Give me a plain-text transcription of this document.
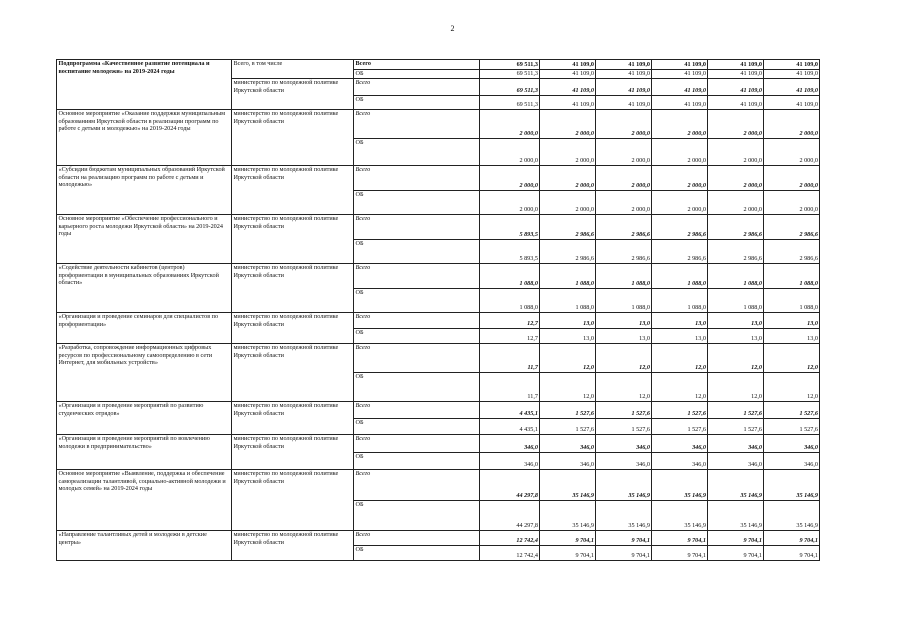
2
Подпрограмма «Качественное развитие потенциала и воспитание молодежи» на 2019-2024 годы	Всего, в том числе	Всего	69 511,3	41 109,0	41 109,0	41 109,0	41 109,0	41 109,0
		ОБ	69 511,3	41 109,0	41 109,0	41 109,0	41 109,0	41 109,0
	министерство по молодежной политике Иркутской области	Всего	69 511,3	41 109,0	41 109,0	41 109,0	41 109,0	41 109,0
		ОБ	69 511,3	41 109,0	41 109,0	41 109,0	41 109,0	41 109,0
Основное мероприятие «Оказание поддержки муниципальным образованиям Иркутской области в реализации программ по работе с детьми и молодежью» на 2019-2024 годы	министерство по молодежной политике Иркутской области	Всего	2 000,0	2 000,0	2 000,0	2 000,0	2 000,0	2 000,0
		ОБ	2 000,0	2 000,0	2 000,0	2 000,0	2 000,0	2 000,0
«Субсидии бюджетам муниципальных образований Иркутской области на реализацию программ по работе с детьми и молодежью»	министерство по молодежной политике Иркутской области	Всего	2 000,0	2 000,0	2 000,0	2 000,0	2 000,0	2 000,0
		ОБ	2 000,0	2 000,0	2 000,0	2 000,0	2 000,0	2 000,0
Основное мероприятие «Обеспечение профессионального и карьерного роста молодежи Иркутской области» на 2019-2024 годы	министерство по молодежной политике Иркутской области	Всего	5 893,5	2 986,6	2 986,6	2 986,6	2 986,6	2 986,6
		ОБ	5 893,5	2 986,6	2 986,6	2 986,6	2 986,6	2 986,6
«Содействие деятельности кабинетов (центров) профориентации в муниципальных образованиях Иркутской области»	министерство по молодежной политике Иркутской области	Всего	1 088,0	1 088,0	1 088,0	1 088,0	1 088,0	1 088,0
		ОБ	1 088,0	1 088,0	1 088,0	1 088,0	1 088,0	1 088,0
«Организация и проведение семинаров для специалистов по профориентации»	министерство по молодежной политике Иркутской области	Всего	12,7	13,0	13,0	13,0	13,0	13,0
		ОБ	12,7	13,0	13,0	13,0	13,0	13,0
«Разработка, сопровождение информационных цифровых ресурсов по профессиональному самоопределению в сети Интернет, для мобильных устройств»	министерство по молодежной политике Иркутской области	Всего	11,7	12,0	12,0	12,0	12,0	12,0
		ОБ	11,7	12,0	12,0	12,0	12,0	12,0
«Организация и проведение мероприятий по развитию студенческих отрядов»	министерство по молодежной политике Иркутской области	Всего	4 435,1	1 527,6	1 527,6	1 527,6	1 527,6	1 527,6
		ОБ	4 435,1	1 527,6	1 527,6	1 527,6	1 527,6	1 527,6
«Организация и проведение мероприятий по вовлечению молодежи в предпринимательство»	министерство по молодежной политике Иркутской области	Всего	346,0	346,0	346,0	346,0	346,0	346,0
		ОБ	346,0	346,0	346,0	346,0	346,0	346,0
Основное мероприятие «Выявление, поддержка и обеспечение самореализации талантливой, социально-активной молодежи и молодых семей» на 2019-2024 годы	министерство по молодежной политике Иркутской области	Всего	44 297,8	35 146,9	35 146,9	35 146,9	35 146,9	35 146,9
		ОБ	44 297,8	35 146,9	35 146,9	35 146,9	35 146,9	35 146,9
«Направление талантливых детей и молодежи в детские центры»	министерство по молодежной политике Иркутской области	Всего	12 742,4	9 704,1	9 704,1	9 704,1	9 704,1	9 704,1
		ОБ	12 742,4	9 704,1	9 704,1	9 704,1	9 704,1	9 704,1
